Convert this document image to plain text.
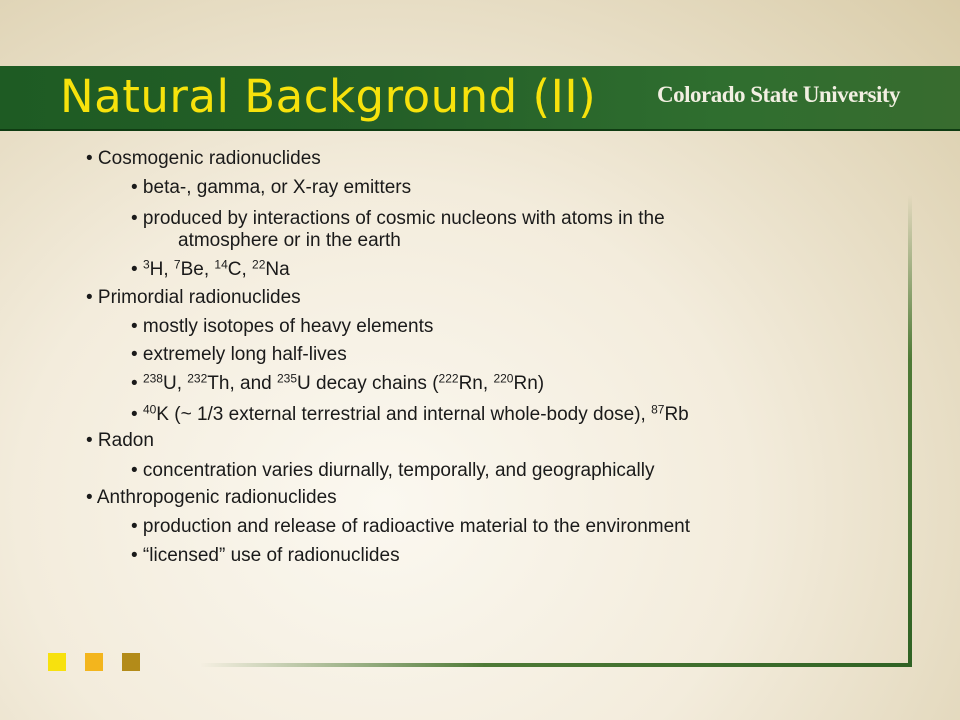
Natural Background (II)	Colorado State University

• Cosmogenic radionuclides

• beta-, gamma, or X-ray emitters

• produced by interactions of cosmic nucleons with atoms in the

atmosphere or in the earth

• $^3$H, $^7$Be, $^{14}$C, $^{22}$Na

• Primordial radionuclides

• mostly isotopes of heavy elements

• extremely long half-lives

• $^{238}$U, $^{232}$Th, and $^{235}$U decay chains ($^{222}$Rn, $^{220}$Rn)

• $^{40}$K (~ 1/3 external terrestrial and internal whole-body dose), $^{87}$Rb

• Radon

• concentration varies diurnally, temporally, and geographically

• Anthropogenic radionuclides

• production and release of radioactive material to the environment

• “licensed” use of radionuclides
